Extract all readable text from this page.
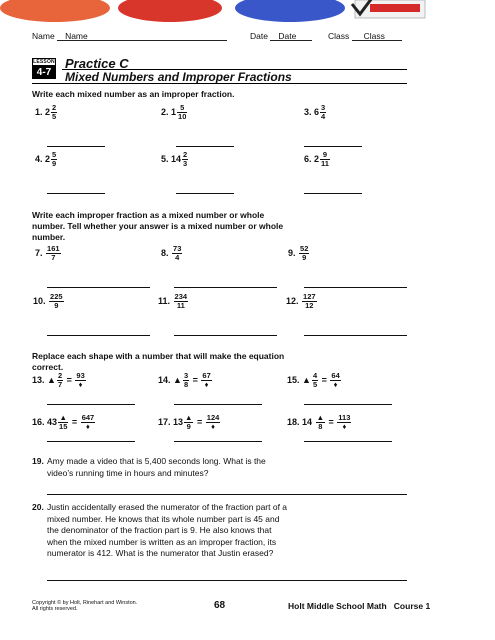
Name Name	Date Date	Class Class
LESSON
4-7
Practice C
Mixed Numbers and Improper Fractions
Write each mixed number as an improper fraction.
1. $2 \frac{2}{5}$	2. $1 \frac{5}{10}$	3. $6 \frac{3}{4}$
4. $2 \frac{5}{9}$	5. $14 \frac{2}{3}$	6. $2 \frac{9}{11}$
Write each improper fraction as a mixed number or whole
number. Tell whether your answer is a mixed number or whole
number.
7. $\frac{161}{7}$	8. $\frac{73}{4}$	9. $\frac{52}{9}$
10. $\frac{225}{9}$	11. $\frac{234}{11}$	12. $\frac{127}{12}$
Replace each shape with a number that will make the equation
correct.
13. ▲ $\frac{2}{7} = \frac{93}{♦}$	14. ▲ $\frac{3}{8} = \frac{67}{♦}$	15. ▲ $\frac{4}{5} = \frac{64}{♦}$
16. $43 \frac{▲}{15} = \frac{647}{♦}$	17. $13 \frac{▲}{9} = \frac{124}{♦}$	18. $14 \frac{▲}{8} = \frac{113}{♦}$
19. Amy made a video that is 5,400 seconds long. What is the
video’s running time in hours and minutes?
20. Justin accidentally erased the numerator of the fraction part of a
mixed number. He knows that its whole number part is 45 and
the denominator of the fraction part is 9. He also knows that
when the mixed number is written as an improper fraction, its
numerator is 412. What is the numerator that Justin erased?
Copyright © by Holt, Rinehart and Winston.
All rights reserved.	68	Holt Middle School Math Course 1
